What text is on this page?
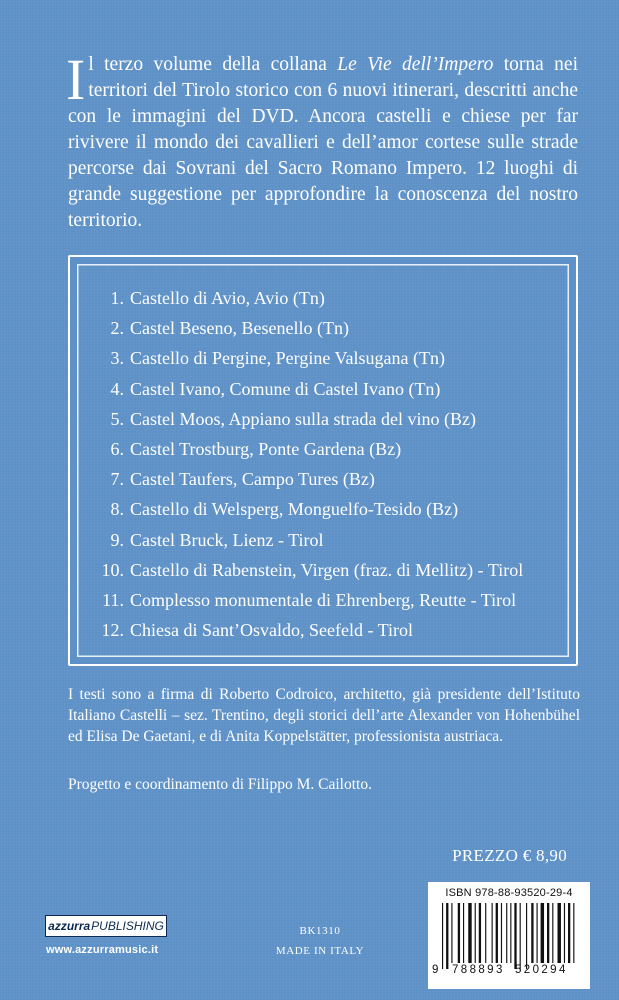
Il terzo volume della collana Le Vie dell’Impero torna nei territori del Tirolo storico con 6 nuovi itinerari, descritti anche con le immagini del DVD. Ancora castelli e chiese per far rivivere il mondo dei cavallieri e dell’amor cortese sulle strade percorse dai Sovrani del Sacro Romano Impero. 12 luoghi di grande suggestione per approfondire la conoscenza del nostro territorio.

1. Castello di Avio, Avio (Tn)
2. Castel Beseno, Besenello (Tn)
3. Castello di Pergine, Pergine Valsugana (Tn)
4. Castel Ivano, Comune di Castel Ivano (Tn)
5. Castel Moos, Appiano sulla strada del vino (Bz)
6. Castel Trostburg, Ponte Gardena (Bz)
7. Castel Taufers, Campo Tures (Bz)
8. Castello di Welsperg, Monguelfo-Tesido (Bz)
9. Castel Bruck, Lienz - Tirol
10. Castello di Rabenstein, Virgen (fraz. di Mellitz) - Tirol
11. Complesso monumentale di Ehrenberg, Reutte - Tirol
12. Chiesa di Sant’Osvaldo, Seefeld - Tirol

I testi sono a firma di Roberto Codroico, architetto, già presidente dell’Istituto Italiano Castelli – sez. Trentino, degli storici dell’arte Alexander von Hohenbühel ed Elisa De Gaetani, e di Anita Koppelstätter, professionista austriaca.

Progetto e coordinamento di Filippo M. Cailotto.

PREZZO € 8,90
azzurra PUBLISHING
www.azzurramusic.it
BK1310
MADE IN ITALY
ISBN 978-88-93520-29-4
9 788893 520294
